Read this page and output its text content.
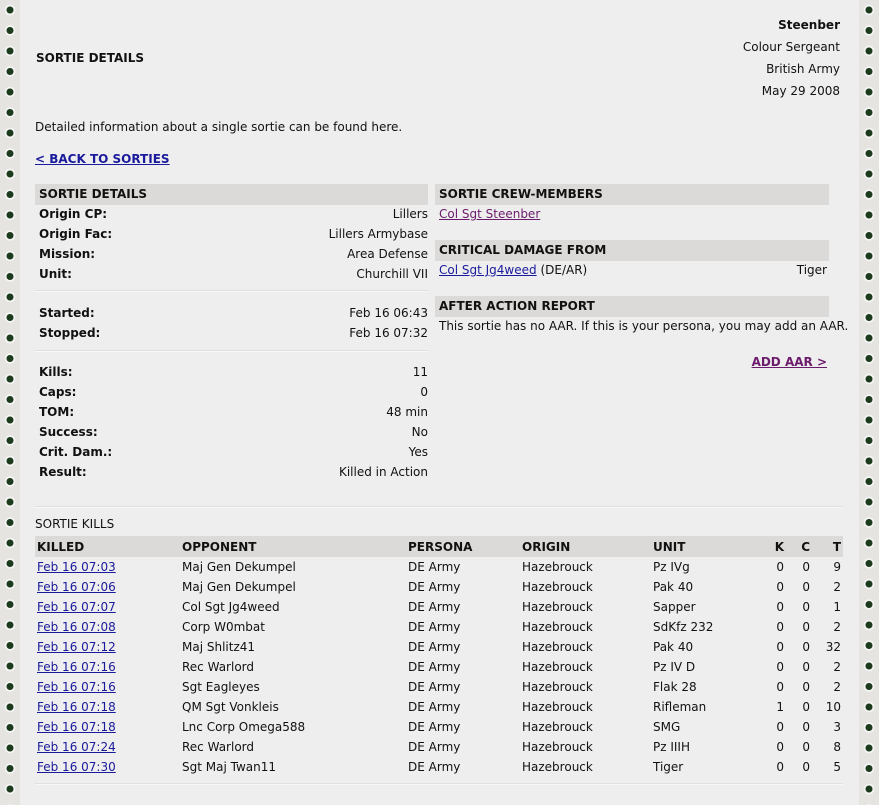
SORTIE DETAILS
Steenber
Colour Sergeant
British Army
May 29 2008
Detailed information about a single sortie can be found here.
< BACK TO SORTIES
SORTIE DETAILS
Origin CP:	Lillers
Origin Fac:	Lillers Armybase
Mission:	Area Defense
Unit:	Churchill VII
Started:	Feb 16 06:43
Stopped:	Feb 16 07:32
Kills:	11
Caps:	0
TOM:	48 min
Success:	No
Crit. Dam.:	Yes
Result:	Killed in Action
SORTIE CREW-MEMBERS
Col Sgt Steenber
CRITICAL DAMAGE FROM
Col Sgt Jg4weed (DE/AR)	Tiger
AFTER ACTION REPORT
This sortie has no AAR. If this is your persona, you may add an AAR.
ADD AAR >
SORTIE KILLS
KILLED	OPPONENT	PERSONA	ORIGIN	UNIT	K	C	T
Feb 16 07:03	Maj Gen Dekumpel	DE Army	Hazebrouck	Pz IVg	0	0	9
Feb 16 07:06	Maj Gen Dekumpel	DE Army	Hazebrouck	Pak 40	0	0	2
Feb 16 07:07	Col Sgt Jg4weed	DE Army	Hazebrouck	Sapper	0	0	1
Feb 16 07:08	Corp W0mbat	DE Army	Hazebrouck	SdKfz 232	0	0	2
Feb 16 07:12	Maj Shlitz41	DE Army	Hazebrouck	Pak 40	0	0	32
Feb 16 07:16	Rec Warlord	DE Army	Hazebrouck	Pz IV D	0	0	2
Feb 16 07:16	Sgt Eagleyes	DE Army	Hazebrouck	Flak 28	0	0	2
Feb 16 07:18	QM Sgt Vonkleis	DE Army	Hazebrouck	Rifleman	1	0	10
Feb 16 07:18	Lnc Corp Omega588	DE Army	Hazebrouck	SMG	0	0	3
Feb 16 07:24	Rec Warlord	DE Army	Hazebrouck	Pz IIIH	0	0	8
Feb 16 07:30	Sgt Maj Twan11	DE Army	Hazebrouck	Tiger	0	0	5
